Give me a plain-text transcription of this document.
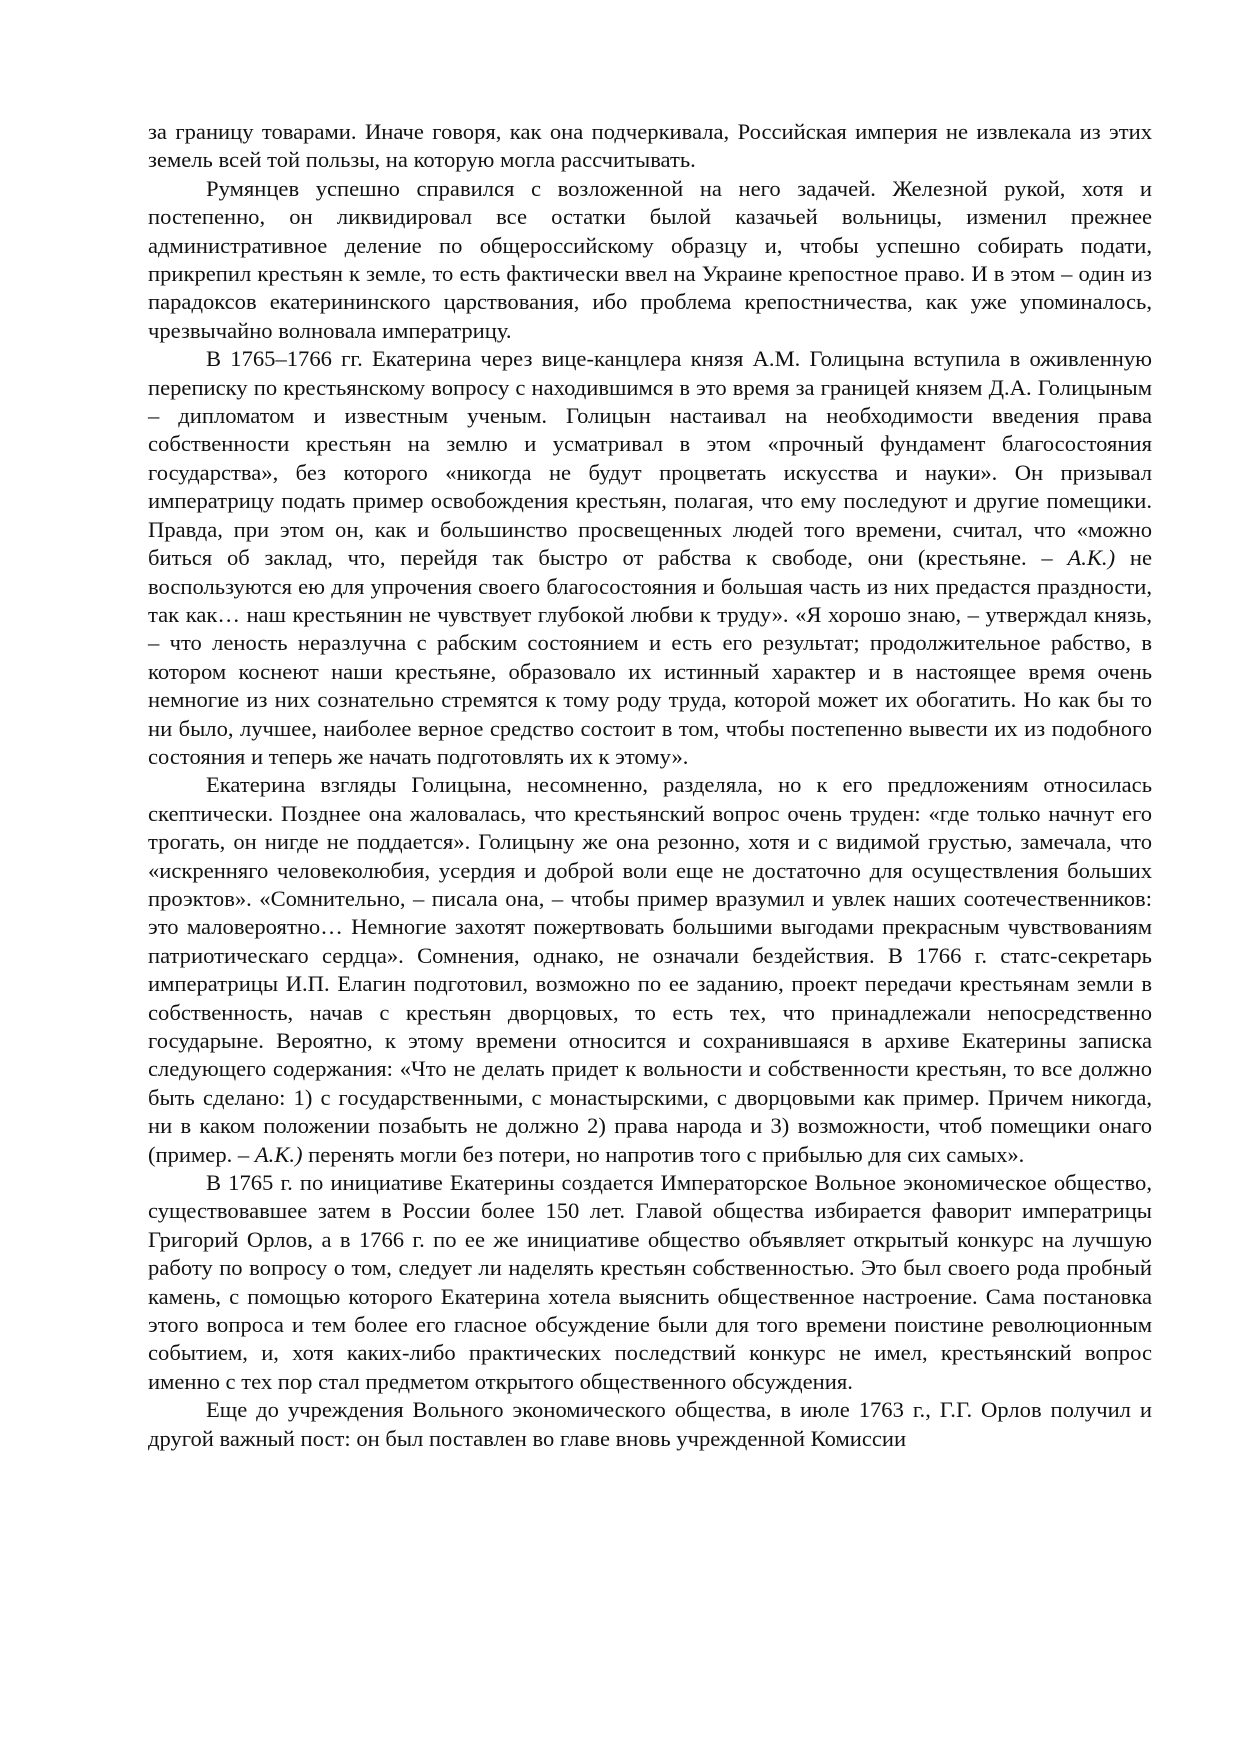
за границу товарами. Иначе говоря, как она подчеркивала, Российская империя не извлекала из этих земель всей той пользы, на которую могла рассчитывать.

Румянцев успешно справился с возложенной на него задачей. Железной рукой, хотя и постепенно, он ликвидировал все остатки былой казачьей вольницы, изменил прежнее административное деление по общероссийскому образцу и, чтобы успешно собирать подати, прикрепил крестьян к земле, то есть фактически ввел на Украине крепостное право. И в этом – один из парадоксов екатерининского царствования, ибо проблема крепостничества, как уже упоминалось, чрезвычайно волновала императрицу.

В 1765–1766 гг. Екатерина через вице-канцлера князя А.М. Голицына вступила в оживленную переписку по крестьянскому вопросу с находившимся в это время за границей князем Д.А. Голицыным – дипломатом и известным ученым. Голицын настаивал на необходимости введения права собственности крестьян на землю и усматривал в этом «прочный фундамент благосостояния государства», без которого «никогда не будут процветать искусства и науки». Он призывал императрицу подать пример освобождения крестьян, полагая, что ему последуют и другие помещики. Правда, при этом он, как и большинство просвещенных людей того времени, считал, что «можно биться об заклад, что, перейдя так быстро от рабства к свободе, они (крестьяне. – А.К.) не воспользуются ею для упрочения своего благосостояния и большая часть из них предастся праздности, так как… наш крестьянин не чувствует глубокой любви к труду». «Я хорошо знаю, – утверждал князь, – что леность неразлучна с рабским состоянием и есть его результат; продолжительное рабство, в котором коснеют наши крестьяне, образовало их истинный характер и в настоящее время очень немногие из них сознательно стремятся к тому роду труда, которой может их обогатить. Но как бы то ни было, лучшее, наиболее верное средство состоит в том, чтобы постепенно вывести их из подобного состояния и теперь же начать подготовлять их к этому».

Екатерина взгляды Голицына, несомненно, разделяла, но к его предложениям относилась скептически. Позднее она жаловалась, что крестьянский вопрос очень труден: «где только начнут его трогать, он нигде не поддается». Голицыну же она резонно, хотя и с видимой грустью, замечала, что «искренняго человеколюбия, усердия и доброй воли еще не достаточно для осуществления больших проэктов». «Сомнительно, – писала она, – чтобы пример вразумил и увлек наших соотечественников: это маловероятно… Немногие захотят пожертвовать большими выгодами прекрасным чувствованиям патриотическаго сердца». Сомнения, однако, не означали бездействия. В 1766 г. статс-секретарь императрицы И.П. Елагин подготовил, возможно по ее заданию, проект передачи крестьянам земли в собственность, начав с крестьян дворцовых, то есть тех, что принадлежали непосредственно государыне. Вероятно, к этому времени относится и сохранившаяся в архиве Екатерины записка следующего содержания: «Что не делать придет к вольности и собственности крестьян, то все должно быть сделано: 1) с государственными, с монастырскими, с дворцовыми как пример. Причем никогда, ни в каком положении позабыть не должно 2) права народа и 3) возможности, чтоб помещики онаго (пример. – А.К.) перенять могли без потери, но напротив того с прибылью для сих самых».

В 1765 г. по инициативе Екатерины создается Императорское Вольное экономическое общество, существовавшее затем в России более 150 лет. Главой общества избирается фаворит императрицы Григорий Орлов, а в 1766 г. по ее же инициативе общество объявляет открытый конкурс на лучшую работу по вопросу о том, следует ли наделять крестьян собственностью. Это был своего рода пробный камень, с помощью которого Екатерина хотела выяснить общественное настроение. Сама постановка этого вопроса и тем более его гласное обсуждение были для того времени поистине революционным событием, и, хотя каких-либо практических последствий конкурс не имел, крестьянский вопрос именно с тех пор стал предметом открытого общественного обсуждения.

Еще до учреждения Вольного экономического общества, в июле 1763 г., Г.Г. Орлов получил и другой важный пост: он был поставлен во главе вновь учрежденной Комиссии
